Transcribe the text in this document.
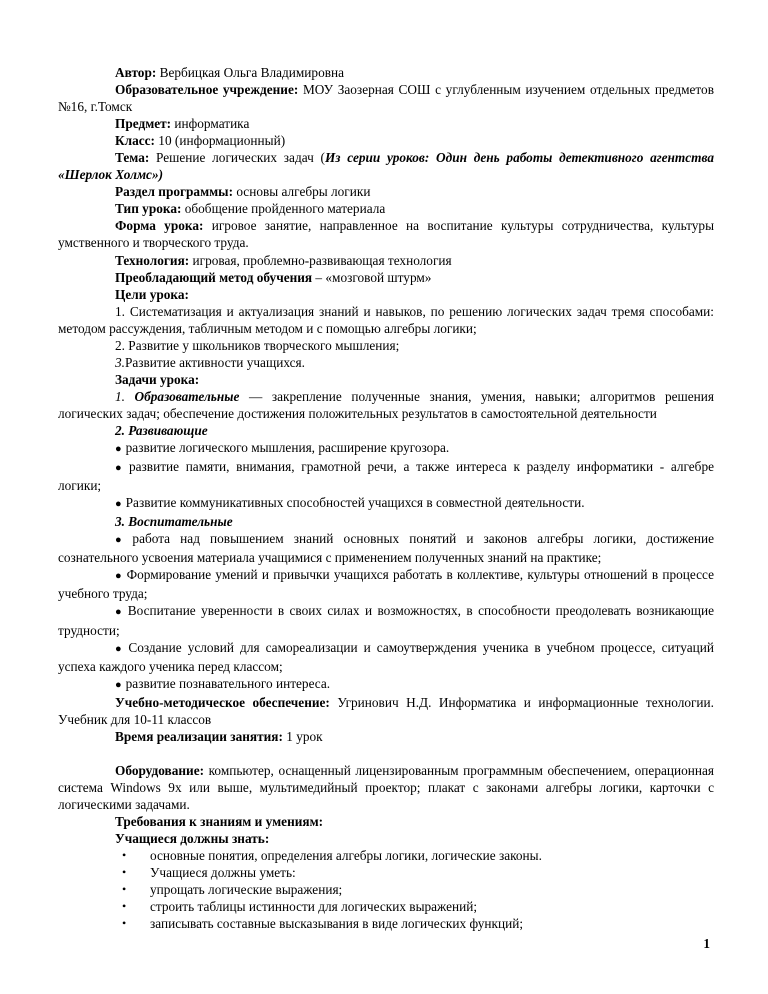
Автор: Вербицкая Ольга Владимировна

Образовательное учреждение: МОУ Заозерная СОШ с углубленным изучением отдельных предметов №16, г.Томск

Предмет: информатика

Класс: 10 (информационный)

Тема: Решение логических задач (Из серии уроков: Один день работы детективного агентства «Шерлок Холмс»)

Раздел программы: основы алгебры логики

Тип урока: обобщение пройденного материала

Форма урока: игровое занятие, направленное на воспитание культуры сотрудничества, культуры умственного и творческого труда.

Технология: игровая, проблемно-развивающая технология

Преобладающий метод обучения – «мозговой штурм»

Цели урока:

1. Систематизация и актуализация знаний и навыков, по решению логических задач тремя способами: методом рассуждения, табличным методом и с помощью алгебры логики;

2. Развитие у школьников творческого мышления;

3.Развитие активности учащихся.

Задачи урока:

1. Образовательные — закрепление полученные знания, умения, навыки; алгоритмов решения логических задач; обеспечение достижения положительных результатов в самостоятельной деятельности

2. Развивающие

● развитие логического мышления, расширение кругозора.

● развитие памяти, внимания, грамотной речи, а также интереса к разделу информатики - алгебре логики;

● Развитие коммуникативных способностей учащихся в совместной деятельности.

3. Воспитательные

● работа над повышением знаний основных понятий и законов алгебры логики, достижение сознательного усвоения материала учащимися с применением полученных знаний на практике;

● Формирование умений и привычки учащихся работать в коллективе, культуры отношений в процессе учебного труда;

● Воспитание уверенности в своих силах и возможностях, в способности преодолевать возникающие трудности;

● Создание условий для самореализации и самоутверждения ученика в учебном процессе, ситуаций успеха каждого ученика перед классом;

● развитие познавательного интереса.

Учебно-методическое обеспечение: Угринович Н.Д. Информатика и информационные технологии. Учебник для 10-11 классов

Время реализации занятия: 1 урок

Оборудование: компьютер, оснащенный лицензированным программным обеспечением, операционная система Windows 9x или выше, мультимедийный проектор; плакат с законами алгебры логики, карточки с логическими задачами.

Требования к знаниям и умениям:

Учащиеся должны знать:

• основные понятия, определения алгебры логики, логические законы.
• Учащиеся должны уметь:
• упрощать логические выражения;
• строить таблицы истинности для логических выражений;
• записывать составные высказывания в виде логических функций;
1
